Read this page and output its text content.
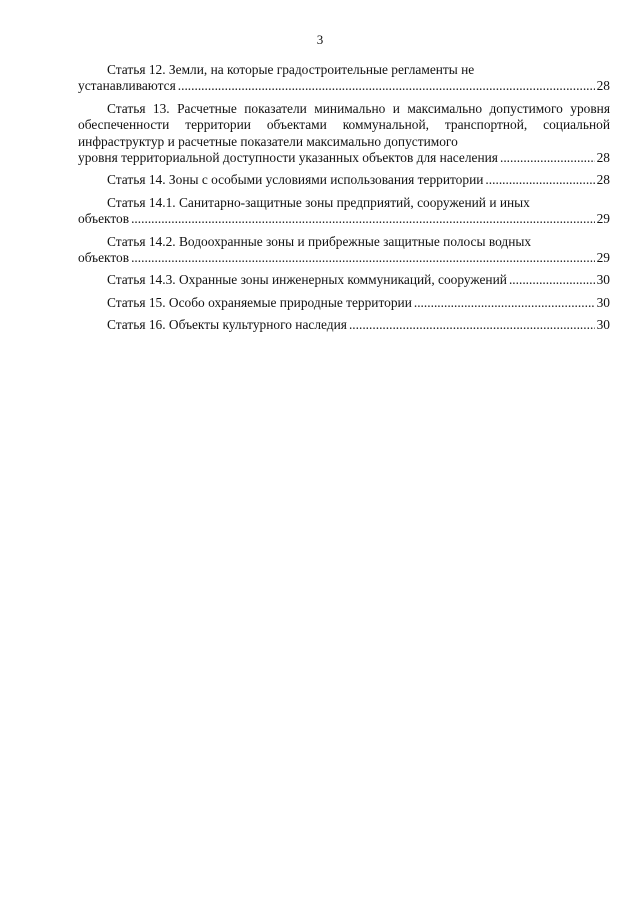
3
Статья 12. Земли, на которые градостроительные регламенты не
устанавливаются .....	28
Статья 13. Расчетные показатели минимально и максимально допустимого уровня обеспеченности территории объектами коммунальной, транспортной, социальной инфраструктур и расчетные показатели максимально допустимого
уровня территориальной доступности указанных объектов для населения .....	28
Статья 14. Зоны с особыми условиями использования территории .....	28
Статья 14.1. Санитарно-защитные зоны предприятий, сооружений и иных
объектов .....	29
Статья 14.2. Водоохранные зоны и прибрежные защитные полосы водных
объектов .....	29
Статья 14.3. Охранные зоны инженерных коммуникаций, сооружений .....	30
Статья 15. Особо охраняемые природные территории .....	30
Статья 16. Объекты культурного наследия .....	30
